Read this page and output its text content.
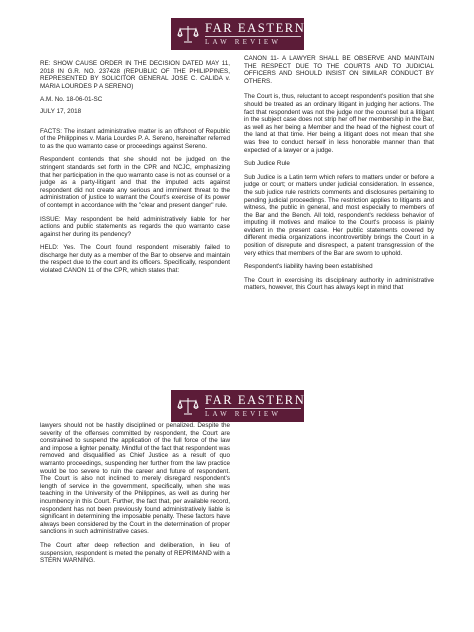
FAR EASTERN
LAW REVIEW

RE: SHOW CAUSE ORDER IN THE DECISION DATED MAY 11, 2018 IN G.R. NO. 237428 (REPUBLIC OF THE PHILIPPINES, REPRESENTED BY SOLICITOR GENERAL JOSE C. CALIDA v. MARIA LOURDES P A SERENO)

A.M. No. 18-06-01-SC

JULY 17, 2018

FACTS: The instant administrative matter is an offshoot of Republic of the Philippines v. Maria Lourdes P. A. Sereno, hereinafter referred to as the quo warranto case or proceedings against Sereno.

Respondent contends that she should not be judged on the stringent standards set forth in the CPR and NCJC, emphasizing that her participation in the quo warranto case is not as counsel or a judge as a party-litigant and that the imputed acts against respondent did not create any serious and imminent threat to the administration of justice to warrant the Court's exercise of its power of contempt in accordance with the "clear and present danger" rule.

ISSUE: May respondent be held administratively liable for her actions and public statements as regards the quo warranto case against her during its pendency?

HELD: Yes. The Court found respondent miserably failed to discharge her duty as a member of the Bar to observe and maintain the respect due to the court and its officers. Specifically, respondent violated CANON 11 of the CPR, which states that:

CANON 11- A LAWYER SHALL BE OBSERVE AND MAINTAIN THE RESPECT DUE TO THE COURTS AND TO JUDICIAL OFFICERS AND SHOULD INSIST ON SIMILAR CONDUCT BY OTHERS.

The Court is, thus, reluctant to accept respondent's position that she should be treated as an ordinary litigant in judging her actions. The fact that respondent was not the judge nor the counsel but a litigant in the subject case does not strip her off her membership in the Bar, as well as her being a Member and the head of the highest court of the land at that time. Her being a litigant does not mean that she was free to conduct herself in less honorable manner than that expected of a lawyer or a judge.

Sub Judice Rule

Sub Judice is a Latin term which refers to matters under or before a judge or court; or matters under judicial consideration. In essence, the sub judice rule restricts comments and disclosures pertaining to pending judicial proceedings. The restriction applies to litigants and witness, the public in general, and most especially to members of the Bar and the Bench. All told, respondent's reckless behavior of imputing ill motives and malice to the Court's process is plainly evident in the present case. Her public statements covered by different media organizations incontrovertibly brings the Court in a position of disrepute and disrespect, a patent transgression of the very ethics that members of the Bar are sworn to uphold.

Respondent's liability having been established

The Court in exercising its disciplinary authority in administrative matters, however, this Court has always kept in mind that

FAR EASTERN
LAW REVIEW

lawyers should not be hastily disciplined or penalized. Despite the severity of the offenses committed by respondent, the Court are constrained to suspend the application of the full force of the law and impose a lighter penalty. Mindful of the fact that respondent was removed and disqualified as Chief Justice as a result of quo warranto proceedings, suspending her further from the law practice would be too severe to ruin the career and future of respondent. The Court is also not inclined to merely disregard respondent's length of service in the government, specifically, when she was teaching in the University of the Philippines, as well as during her incumbency in this Court. Further, the fact that, per available record, respondent has not been previously found administratively liable is significant in determining the imposable penalty. These factors have always been considered by the Court in the determination of proper sanctions in such administrative cases.

The Court after deep reflection and deliberation, in lieu of suspension, respondent is meted the penalty of REPRIMAND with a STERN WARNING.
